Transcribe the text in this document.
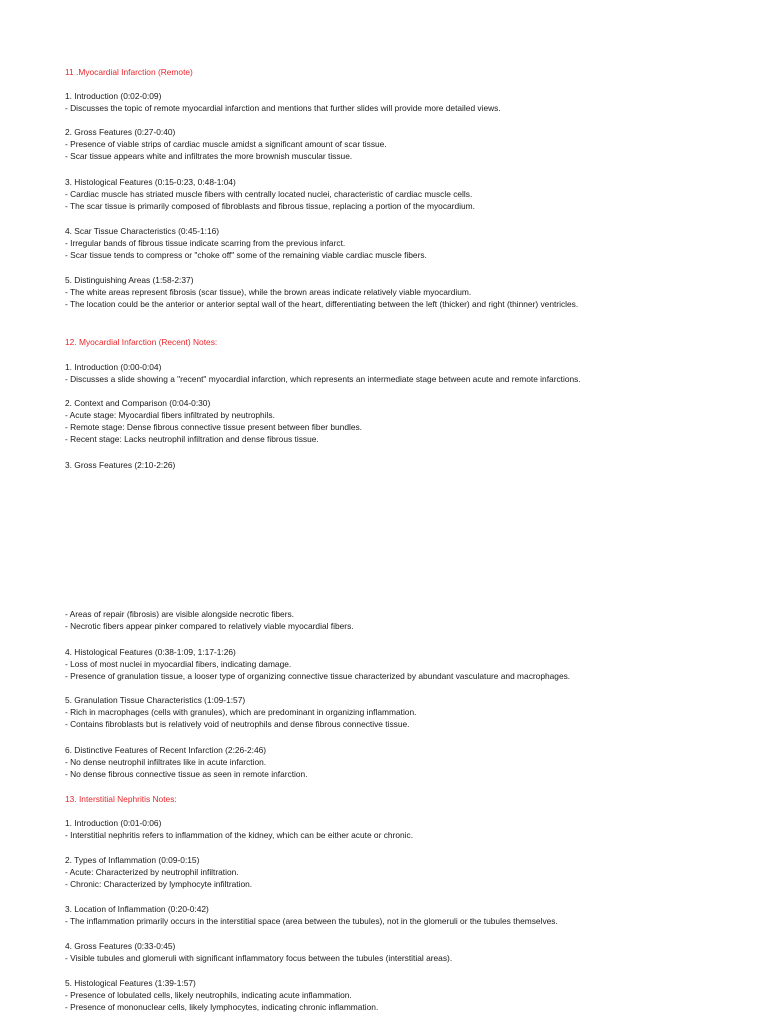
11 .Myocardial Infarction (Remote)
1. Introduction (0:02-0:09)
- Discusses the topic of remote myocardial infarction and mentions that further slides will provide more detailed views.
2. Gross Features (0:27-0:40)
- Presence of viable strips of cardiac muscle amidst a significant amount of scar tissue.
- Scar tissue appears white and infiltrates the more brownish muscular tissue.
3. Histological Features (0:15-0:23, 0:48-1:04)
- Cardiac muscle has striated muscle fibers with centrally located nuclei, characteristic of cardiac muscle cells.
- The scar tissue is primarily composed of fibroblasts and fibrous tissue, replacing a portion of the myocardium.
4. Scar Tissue Characteristics (0:45-1:16)
- Irregular bands of fibrous tissue indicate scarring from the previous infarct.
- Scar tissue tends to compress or "choke off" some of the remaining viable cardiac muscle fibers.
5. Distinguishing Areas (1:58-2:37)
- The white areas represent fibrosis (scar tissue), while the brown areas indicate relatively viable myocardium.
- The location could be the anterior or anterior septal wall of the heart, differentiating between the left (thicker) and right (thinner) ventricles.
12. Myocardial Infarction (Recent) Notes:
1. Introduction (0:00-0:04)
- Discusses a slide showing a "recent" myocardial infarction, which represents an intermediate stage between acute and remote infarctions.
2. Context and Comparison (0:04-0:30)
- Acute stage: Myocardial fibers infiltrated by neutrophils.
- Remote stage: Dense fibrous connective tissue present between fiber bundles.
- Recent stage: Lacks neutrophil infiltration and dense fibrous tissue.
3. Gross Features (2:10-2:26)
- Areas of repair (fibrosis) are visible alongside necrotic fibers.
- Necrotic fibers appear pinker compared to relatively viable myocardial fibers.
4. Histological Features (0:38-1:09, 1:17-1:26)
- Loss of most nuclei in myocardial fibers, indicating damage.
- Presence of granulation tissue, a looser type of organizing connective tissue characterized by abundant vasculature and macrophages.
5. Granulation Tissue Characteristics (1:09-1:57)
- Rich in macrophages (cells with granules), which are predominant in organizing inflammation.
- Contains fibroblasts but is relatively void of neutrophils and dense fibrous connective tissue.
6. Distinctive Features of Recent Infarction (2:26-2:46)
- No dense neutrophil infiltrates like in acute infarction.
- No dense fibrous connective tissue as seen in remote infarction.
13. Interstitial Nephritis Notes:
1. Introduction (0:01-0:06)
- Interstitial nephritis refers to inflammation of the kidney, which can be either acute or chronic.
2. Types of Inflammation (0:09-0:15)
- Acute: Characterized by neutrophil infiltration.
- Chronic: Characterized by lymphocyte infiltration.
3. Location of Inflammation (0:20-0:42)
- The inflammation primarily occurs in the interstitial space (area between the tubules), not in the glomeruli or the tubules themselves.
4. Gross Features (0:33-0:45)
- Visible tubules and glomeruli with significant inflammatory focus between the tubules (interstitial areas).
5. Histological Features (1:39-1:57)
- Presence of lobulated cells, likely neutrophils, indicating acute inflammation.
- Presence of mononuclear cells, likely lymphocytes, indicating chronic inflammation.
